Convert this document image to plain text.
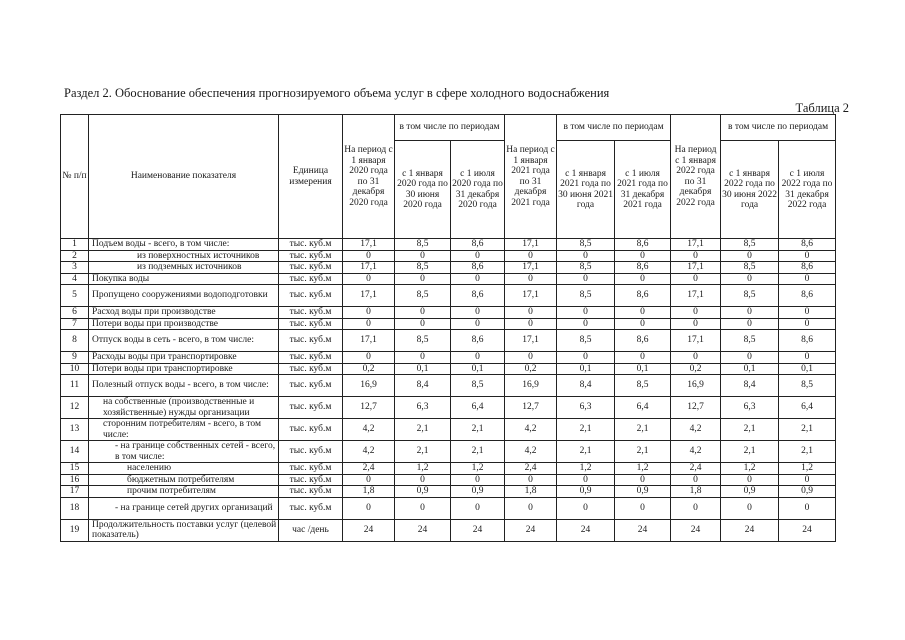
Раздел 2. Обоснование обеспечения прогнозируемого объема услуг в сфере холодного водоснабжения
Таблица 2
№ п/п	Наименование показателя	Единица измерения	На период с 1 января 2020 года по 31 декабря 2020 года	в том числе по периодам		На период с 1 января 2021 года по 31 декабря 2021 года	в том числе по периодам		На период с 1 января 2022 года по 31 декабря 2022 года	в том числе по периодам	
				с 1 января 2020 года по 30 июня 2020 года	с 1 июля 2020 года по 31 декабря 2020 года		с 1 января 2021 года по 30 июня 2021 года	с 1 июля 2021 года по 31 декабря 2021 года		с 1 января 2022 года по 30 июня 2022 года	с 1 июля 2022 года по 31 декабря 2022 года
1	Подъем воды - всего, в том числе:	тыс. куб.м	17,1	8,5	8,6	17,1	8,5	8,6	17,1	8,5	8,6
2	из поверхностных источников	тыс. куб.м	0	0	0	0	0	0	0	0	0
3	из подземных источников	тыс. куб.м	17,1	8,5	8,6	17,1	8,5	8,6	17,1	8,5	8,6
4	Покупка воды	тыс. куб.м	0	0	0	0	0	0	0	0	0
5	Пропущено сооружениями водоподготовки	тыс. куб.м	17,1	8,5	8,6	17,1	8,5	8,6	17,1	8,5	8,6
6	Расход воды при производстве	тыс. куб.м	0	0	0	0	0	0	0	0	0
7	Потери воды при производстве	тыс. куб.м	0	0	0	0	0	0	0	0	0
8	Отпуск воды в сеть - всего, в том числе:	тыс. куб.м	17,1	8,5	8,6	17,1	8,5	8,6	17,1	8,5	8,6
9	Расходы воды при транспортировке	тыс. куб.м	0	0	0	0	0	0	0	0	0
10	Потери воды при транспортировке	тыс. куб.м	0,2	0,1	0,1	0,2	0,1	0,1	0,2	0,1	0,1
11	Полезный отпуск воды - всего, в том числе:	тыс. куб.м	16,9	8,4	8,5	16,9	8,4	8,5	16,9	8,4	8,5
12	на собственные (производственные и хозяйственные) нужды организации	тыс. куб.м	12,7	6,3	6,4	12,7	6,3	6,4	12,7	6,3	6,4
13	сторонним потребителям - всего, в том числе:	тыс. куб.м	4,2	2,1	2,1	4,2	2,1	2,1	4,2	2,1	2,1
14	- на границе собственных сетей - всего, в том числе:	тыс. куб.м	4,2	2,1	2,1	4,2	2,1	2,1	4,2	2,1	2,1
15	населению	тыс. куб.м	2,4	1,2	1,2	2,4	1,2	1,2	2,4	1,2	1,2
16	бюджетным потребителям	тыс. куб.м	0	0	0	0	0	0	0	0	0
17	прочим потребителям	тыс. куб.м	1,8	0,9	0,9	1,8	0,9	0,9	1,8	0,9	0,9
18	- на границе сетей других организаций	тыс. куб.м	0	0	0	0	0	0	0	0	0
19	Продолжительность поставки услуг (целевой показатель)	час /день	24	24	24	24	24	24	24	24	24
